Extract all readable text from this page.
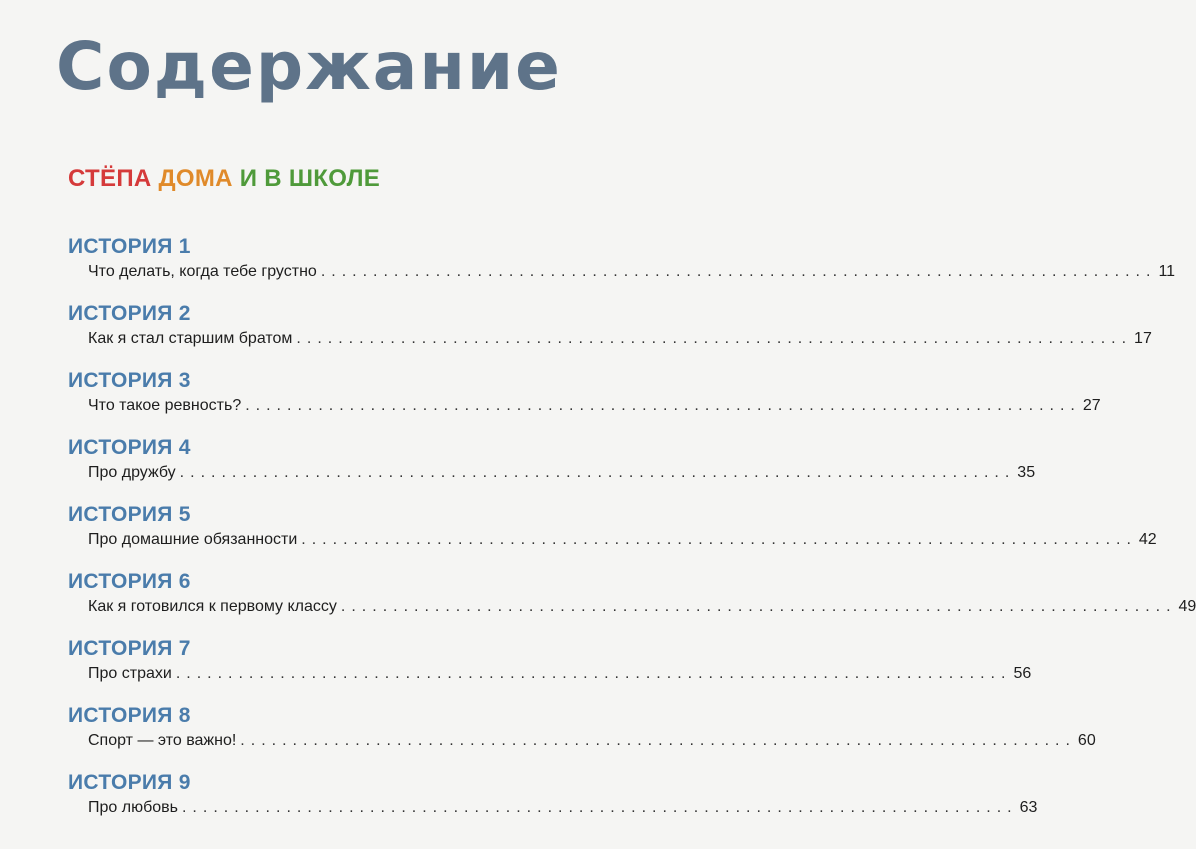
Содержание
СТЁПА ДОМА И В ШКОЛЕ
ИСТОРИЯ 1
Что делать, когда тебе грустно ................................................................................ 11
ИСТОРИЯ 2
Как я стал старшим братом ................................................................................ 17
ИСТОРИЯ 3
Что такое ревность? ................................................................................ 27
ИСТОРИЯ 4
Про дружбу ................................................................................ 35
ИСТОРИЯ 5
Про домашние обязанности ................................................................................ 42
ИСТОРИЯ 6
Как я готовился к первому классу ................................................................................ 49
ИСТОРИЯ 7
Про страхи ................................................................................ 56
ИСТОРИЯ 8
Спорт — это важно! ................................................................................ 60
ИСТОРИЯ 9
Про любовь ................................................................................ 63
